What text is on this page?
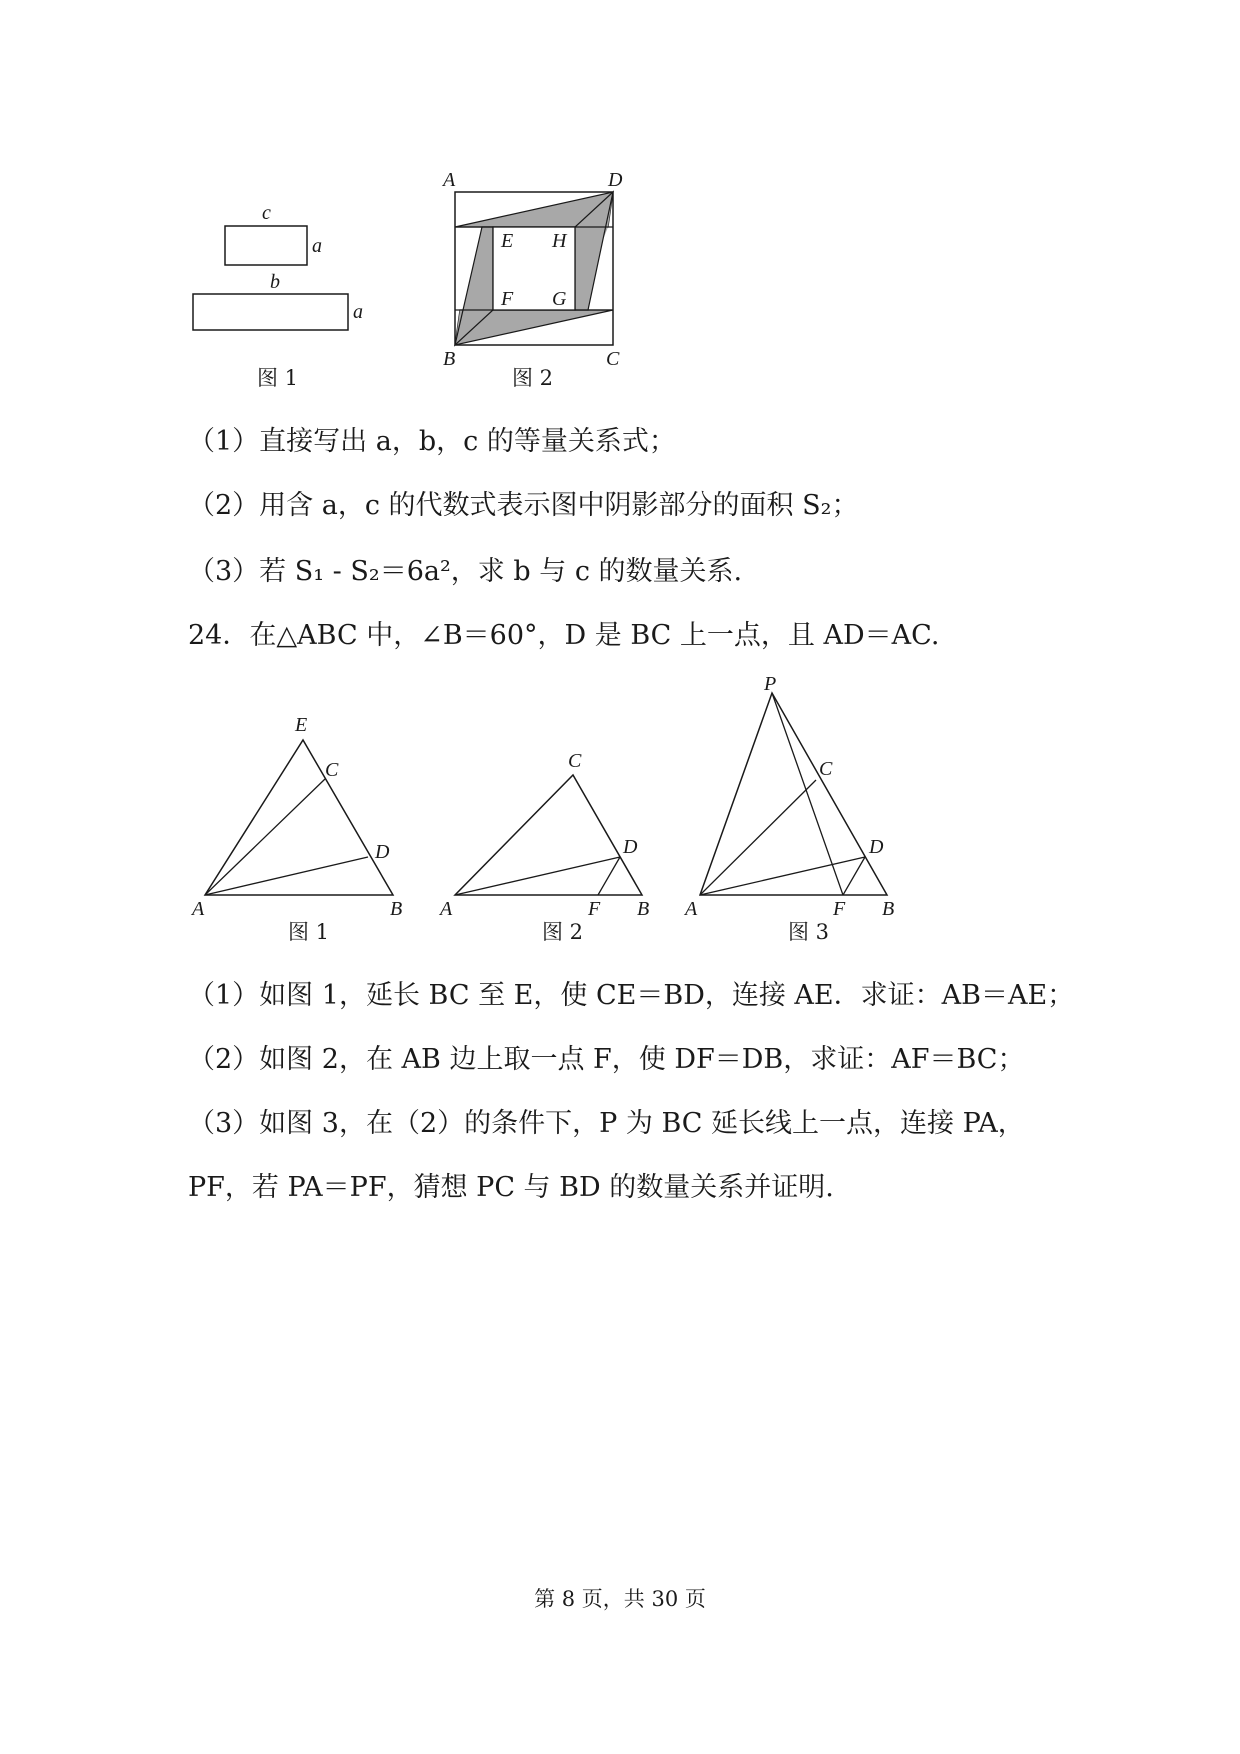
c
a
b
a
图 1
A	D
B	C
E H
F G
图 2
（1）直接写出 a，b，c 的等量关系式；
（2）用含 a，c 的代数式表示图中阴影部分的面积 S₂；
（3）若 S₁ - S₂＝6a²，求 b 与 c 的数量关系.
24．在△ABC 中，∠B＝60°，D 是 BC 上一点，且 AD＝AC.
E
C
D
A	B
图 1
C
D
A	F B
图 2
P
C
D
A	F B
图 3
（1）如图 1，延长 BC 至 E，使 CE＝BD，连接 AE．求证：AB＝AE；
（2）如图 2，在 AB 边上取一点 F，使 DF＝DB，求证：AF＝BC；
（3）如图 3，在（2）的条件下，P 为 BC 延长线上一点，连接 PA，
PF，若 PA＝PF，猜想 PC 与 BD 的数量关系并证明.
第 8 页，共 30 页
